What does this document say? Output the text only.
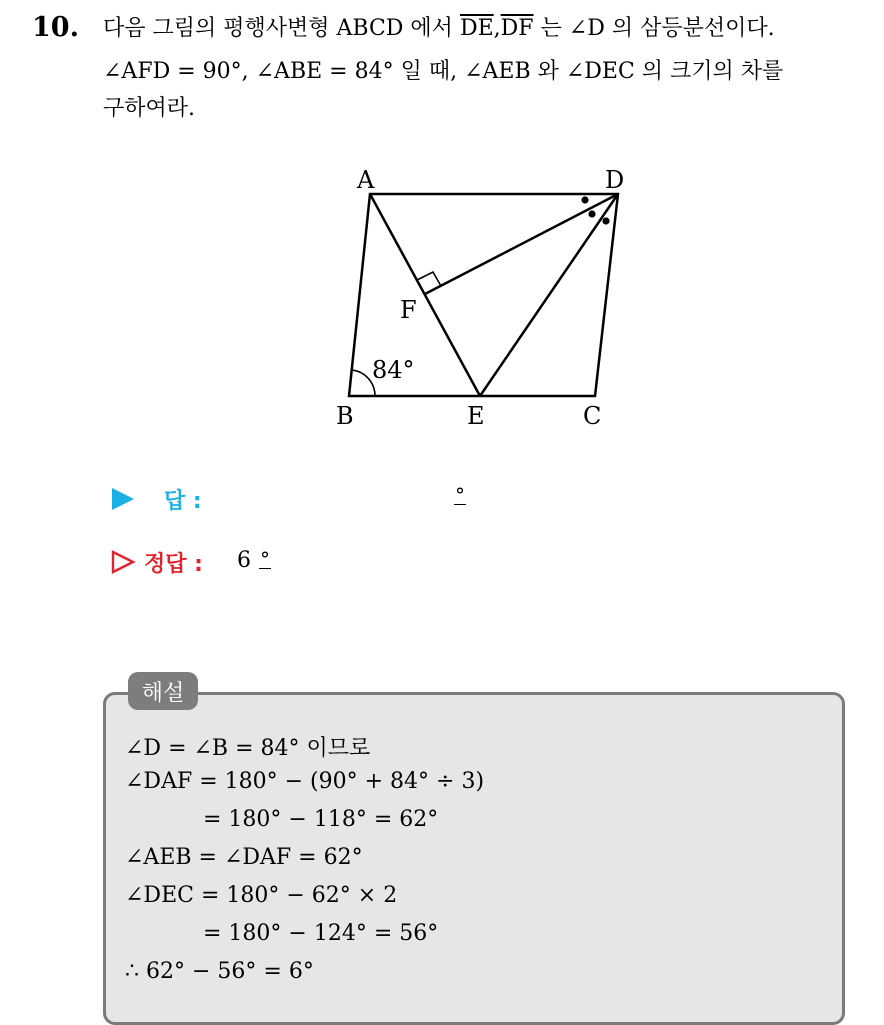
10. 다음 그림의 평행사변형 ABCD 에서 $\overline{DE},\overline{DF}$ 는 ∠D 의 삼등분선이다.
∠AFD = 90°, ∠ABE = 84° 일 때, ∠AEB 와 ∠DEC 의 크기의 차를
구하여라.
A	D
F
B	E	C
84°
답 :	°
정답 : 6 °
해설
∠D = ∠B = 84° 이므로
∠DAF = 180° − (90° + 84° ÷ 3)
= 180° − 118° = 62°
∠AEB = ∠DAF = 62°
∠DEC = 180° − 62° × 2
= 180° − 124° = 56°
∴ 62° − 56° = 6°
